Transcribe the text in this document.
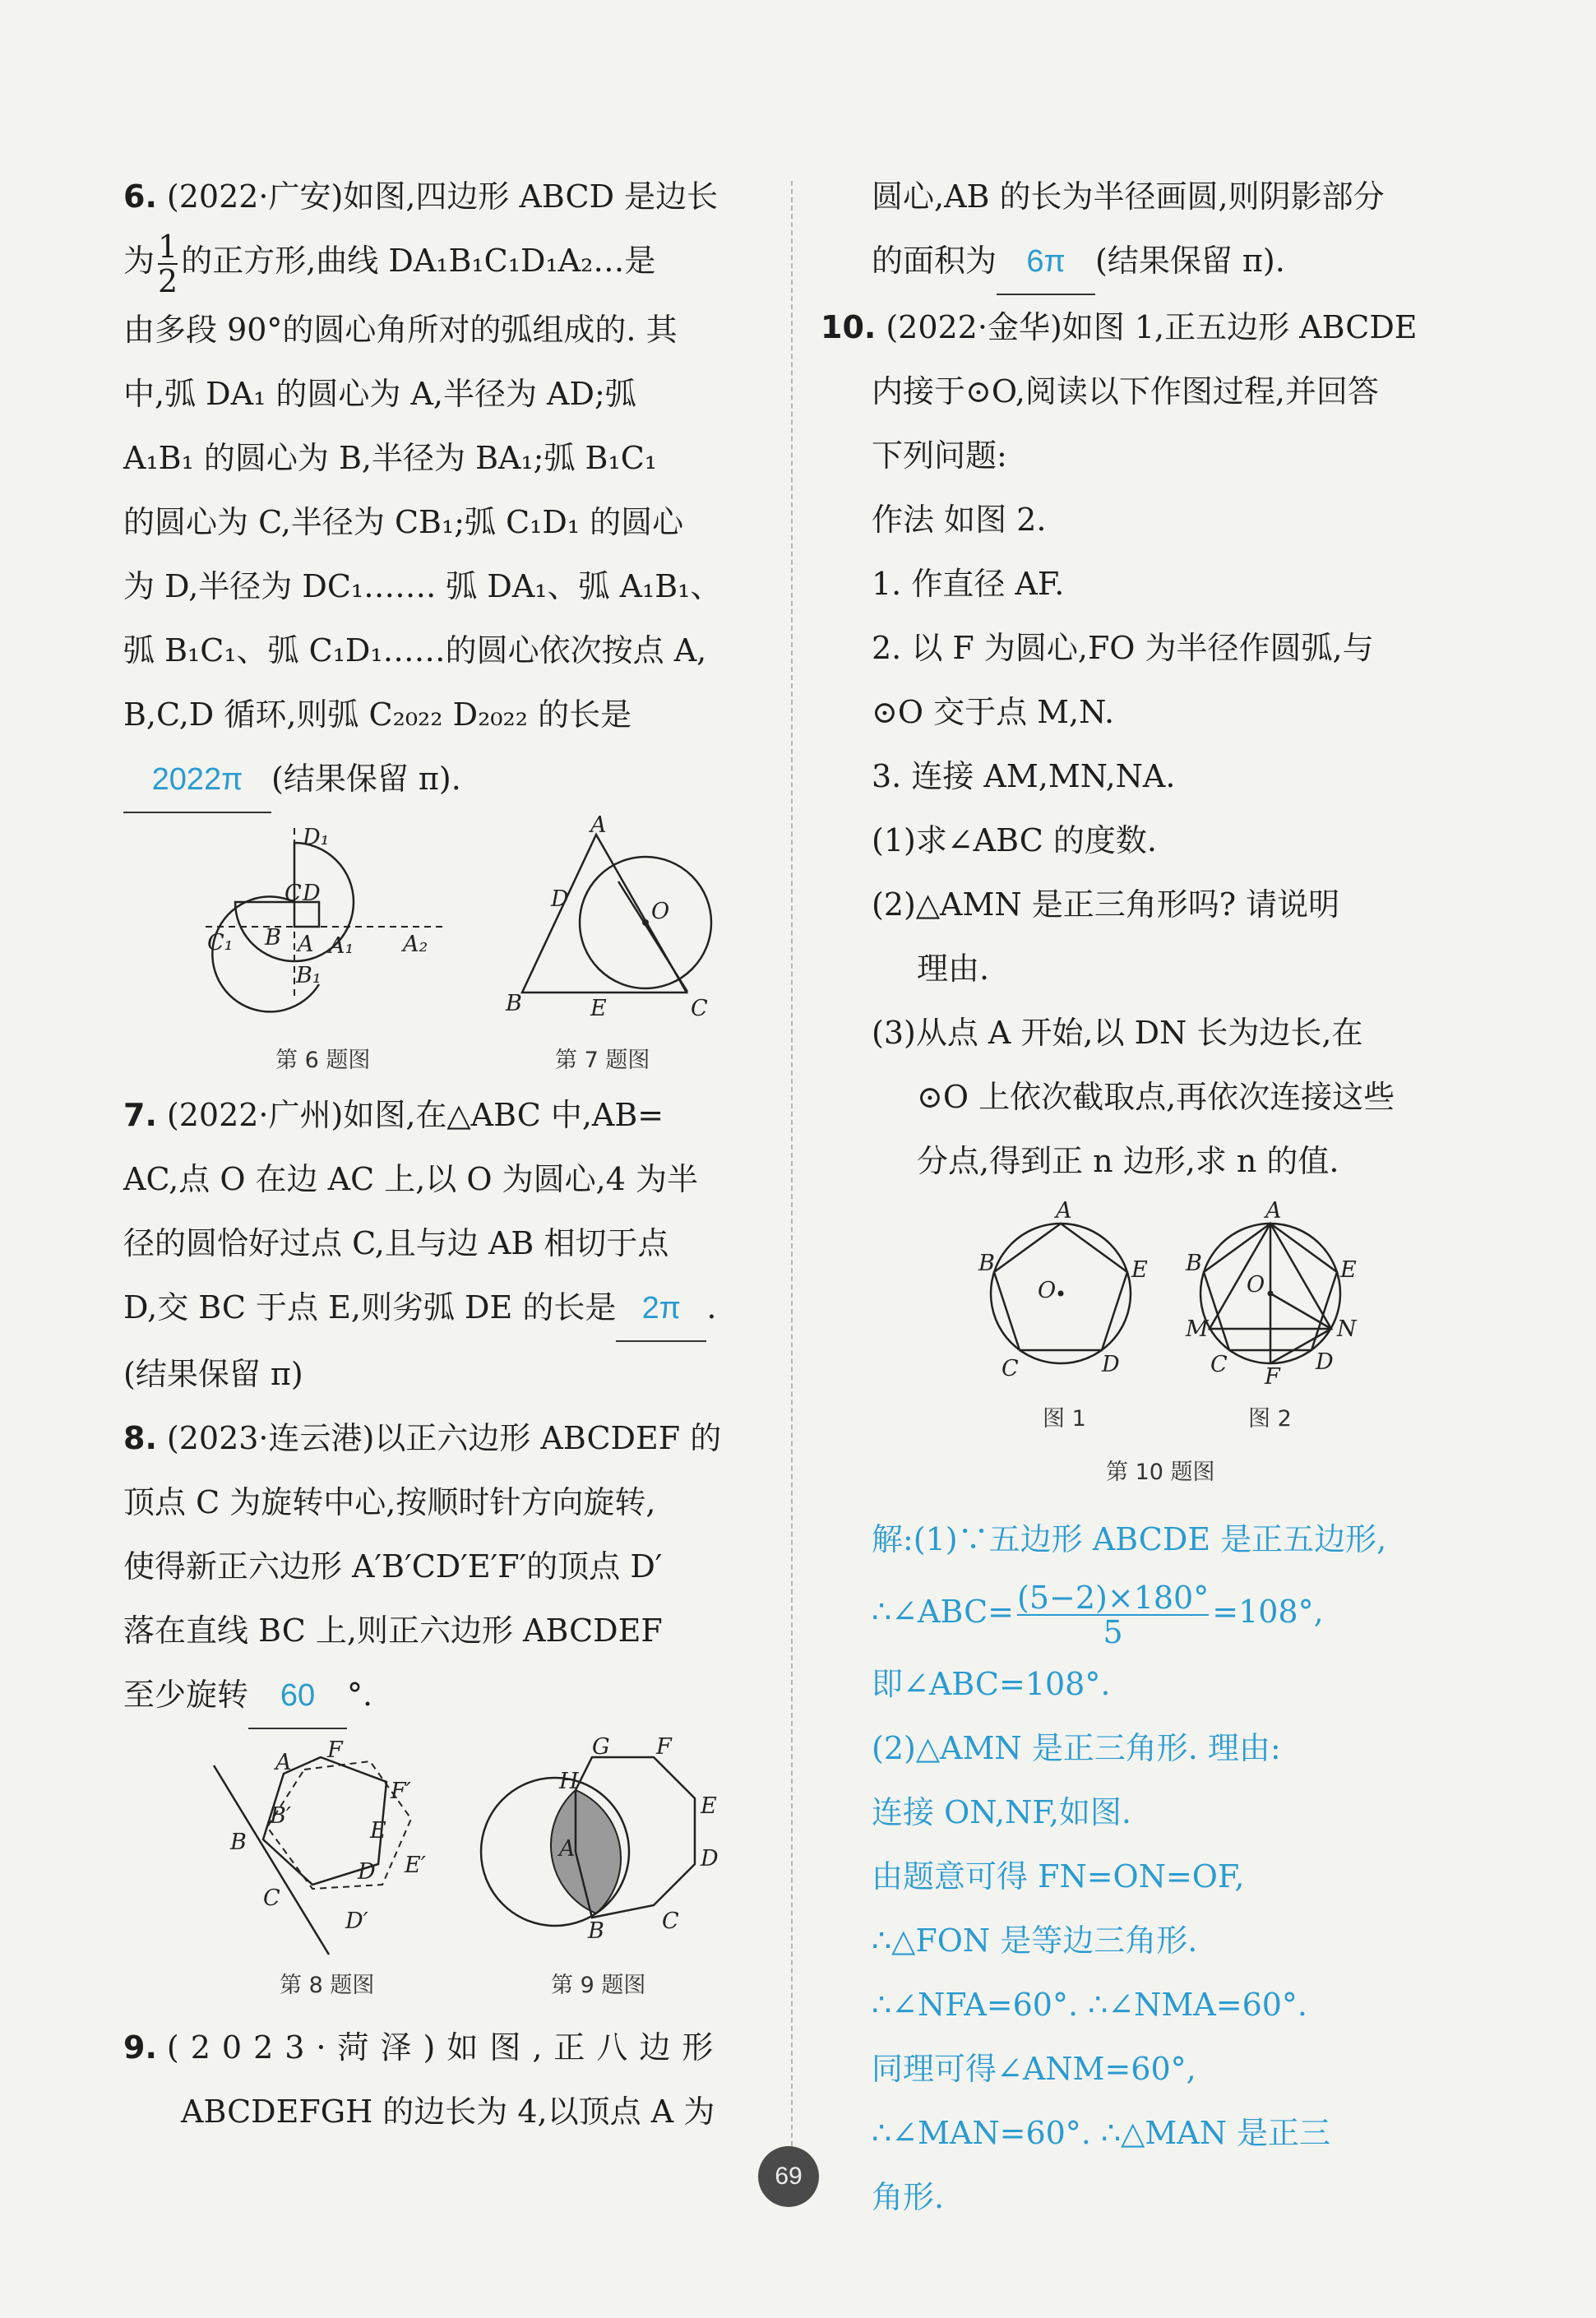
6. (2022·广安)如图,四边形 ABCD 是边长

为 $\frac{1}{2}$ 的正方形,曲线 DA₁B₁C₁D₁A₂…是

由多段 90°的圆心角所对的弧组成的. 其

中,弧 DA₁ 的圆心为 A,半径为 AD;弧

A₁B₁ 的圆心为 B,半径为 BA₁;弧 B₁C₁

的圆心为 C,半径为 CB₁;弧 C₁D₁ 的圆心

为 D,半径为 DC₁……. 弧 DA₁、弧 A₁B₁、

弧 B₁C₁、弧 C₁D₁……的圆心依次按点 A,

B,C,D 循环,则弧 C₂₀₂₂ D₂₀₂₂ 的长是

2022π (结果保留 π).

D₁
C D
C₁ B A A₁ A₂
B₁
第 6 题图
A
D	O
B	E	C
第 7 题图

7. (2022·广州)如图,在△ABC 中,AB=

AC,点 O 在边 AC 上,以 O 为圆心,4 为半

径的圆恰好过点 C,且与边 AB 相切于点

D,交 BC 于点 E,则劣弧 DE 的长是 2π .

(结果保留 π)

8. (2023·连云港)以正六边形 ABCDEF 的

顶点 C 为旋转中心,按顺时针方向旋转,

使得新正六边形 A′B′CD′E′F′的顶点 D′

落在直线 BC 上,则正六边形 ABCDEF

至少旋转 60 °.

A F
F′
B
B′
E
D E′
C
D′
第 8 题图
G F
H
E
A	D
B	C
第 9 题图

9. (2023·菏泽)如图,正八边形

ABCDEFGH 的边长为 4,以顶点 A 为

圆心,AB 的长为半径画圆,则阴影部分

的面积为 6π (结果保留 π).

10. (2022·金华)如图 1,正五边形 ABCDE

内接于⊙O,阅读以下作图过程,并回答

下列问题:

作法 如图 2.

1. 作直径 AF.

2. 以 F 为圆心,FO 为半径作圆弧,与

⊙O 交于点 M,N.

3. 连接 AM,MN,NA.

(1)求∠ABC 的度数.

(2)△AMN 是正三角形吗? 请说明

理由.

(3)从点 A 开始,以 DN 长为边长,在

⊙O 上依次截取点,再依次连接这些

分点,得到正 n 边形,求 n 的值.

A
B
O
E
C	D
图 1
A
B	E
O
M	N
C F
D
图 2
第 10 题图

解:(1)∵五边形 ABCDE 是正五边形,

∴∠ABC= $\frac{(5-2)\times 180^\circ}{5} =108^\circ$,

即∠ABC=108°.

(2)△AMN 是正三角形. 理由:

连接 ON,NF,如图.

由题意可得 FN=ON=OF,

∴△FON 是等边三角形.

∴∠NFA=60°. ∴∠NMA=60°.

同理可得∠ANM=60°,

∴∠MAN=60°. ∴△MAN 是正三

角形.

69
